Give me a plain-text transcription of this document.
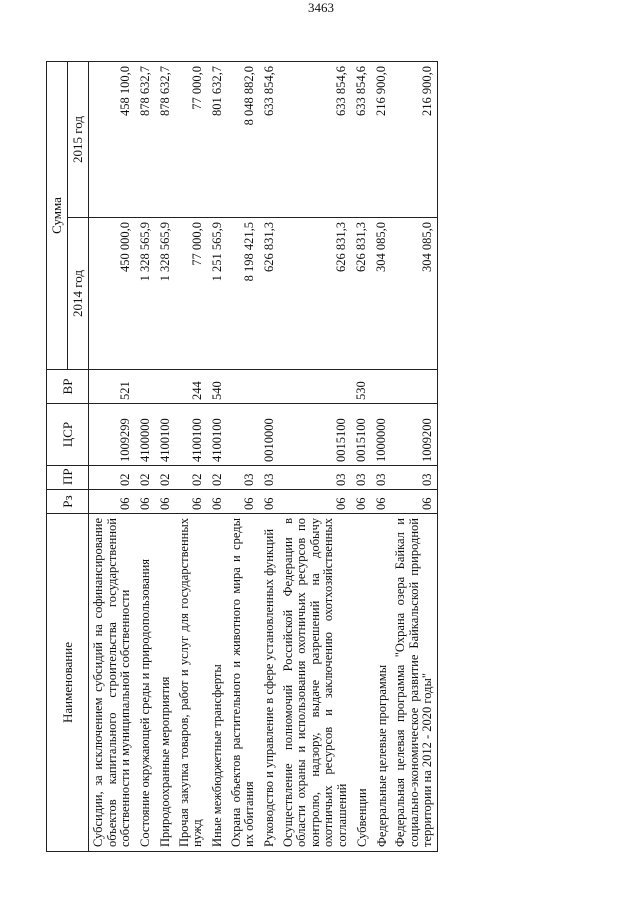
3463
Наименование	Рз	ПР	ЦСР	ВР	Сумма	
					2014 год	2015 год
Субсидии, за исключением субсидий на софинансирование объектов капитального строительства государственной собственности и муниципальной собственности	06	02	1009299	521	450 000,0	458 100,0
Состояние окружающей среды и природопользования	06	02	4100000		1 328 565,9	878 632,7
Природоохранные мероприятия	06	02	4100100		1 328 565,9	878 632,7
Прочая закупка товаров, работ и услуг для государственных нужд	06	02	4100100	244	77 000,0	77 000,0
Иные межбюджетные трансферты	06	02	4100100	540	1 251 565,9	801 632,7
Охрана объектов растительного и животного мира и среды их обитания	06	03			8 198 421,5	8 048 882,0
Руководство и управление в сфере установленных функций	06	03	0010000		626 831,3	633 854,6
Осуществление полномочий Российской Федерации в области охраны и использования охотничьих ресурсов по контролю, надзору, выдаче разрешений на добычу охотничьих ресурсов и заключению охотхозяйственных соглашений	06	03	0015100		626 831,3	633 854,6
Субвенции	06	03	0015100	530	626 831,3	633 854,6
Федеральные целевые программы	06	03	1000000		304 085,0	216 900,0
Федеральная целевая программа "Охрана озера Байкал и социально-экономическое развитие Байкальской природной территории на 2012 - 2020 годы"	06	03	1009200		304 085,0	216 900,0
